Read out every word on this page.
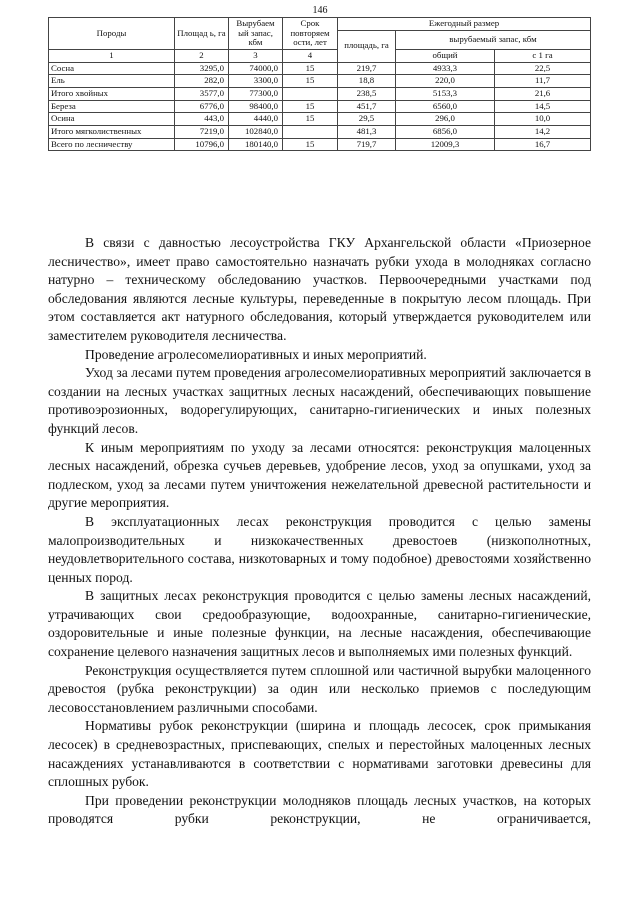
146
Породы	Площад ь, га	Вырубаем ый запас, кбм	Срок повторяем ости, лет	Ежегодный размер		
				площадь, га	вырубаемый запас, кбм	
1	2	3	4		общий	с 1 га
Сосна	3295,0	74000,0	15	219,7	4933,3	22,5
Ель	282,0	3300,0	15	18,8	220,0	11,7
Итого хвойных	3577,0	77300,0		238,5	5153,3	21,6
Береза	6776,0	98400,0	15	451,7	6560,0	14,5
Осина	443,0	4440,0	15	29,5	296,0	10,0
Итого мягколиственных	7219,0	102840,0		481,3	6856,0	14,2
Всего по лесничеству	10796,0	180140,0	15	719,7	12009,3	16,7

В связи с давностью лесоустройства ГКУ Архангельской области «Приозерное лесничество», имеет право самостоятельно назначать рубки ухода в молодняках согласно натурно – техническому обследованию участков. Первоочередными участками под обследования являются лесные культуры, переведенные в покрытую лесом площадь. При этом составляется акт натурного обследования, который утверждается руководителем или заместителем руководителя лесничества.

Проведение агролесомелиоративных и иных мероприятий.

Уход за лесами путем проведения агролесомелиоративных мероприятий заключается в создании на лесных участках защитных лесных насаждений, обеспечивающих повышение противоэрозионных, водорегулирующих, санитарно-гигиенических и иных полезных функций лесов.

К иным мероприятиям по уходу за лесами относятся: реконструкция малоценных лесных насаждений, обрезка сучьев деревьев, удобрение лесов, уход за опушками, уход за подлеском, уход за лесами путем уничтожения нежелательной древесной растительности и другие мероприятия.

В эксплуатационных лесах реконструкция проводится с целью замены малопроизводительных и низкокачественных древостоев (низкополнотных, неудовлетворительного состава, низкотоварных и тому подобное) древостоями хозяйственно ценных пород.

В защитных лесах реконструкция проводится с целью замены лесных насаждений, утрачивающих свои средообразующие, водоохранные, санитарно-гигиенические, оздоровительные и иные полезные функции, на лесные насаждения, обеспечивающие сохранение целевого назначения защитных лесов и выполняемых ими полезных функций.

Реконструкция осуществляется путем сплошной или частичной вырубки малоценного древостоя (рубка реконструкции) за один или несколько приемов с последующим лесовосстановлением различными способами.

Нормативы рубок реконструкции (ширина и площадь лесосек, срок примыкания лесосек) в средневозрастных, приспевающих, спелых и перестойных малоценных лесных насаждениях устанавливаются в соответствии с нормативами заготовки древесины для сплошных рубок.

При проведении реконструкции молодняков площадь лесных участков, на которых проводятся рубки реконструкции, не ограничивается,
